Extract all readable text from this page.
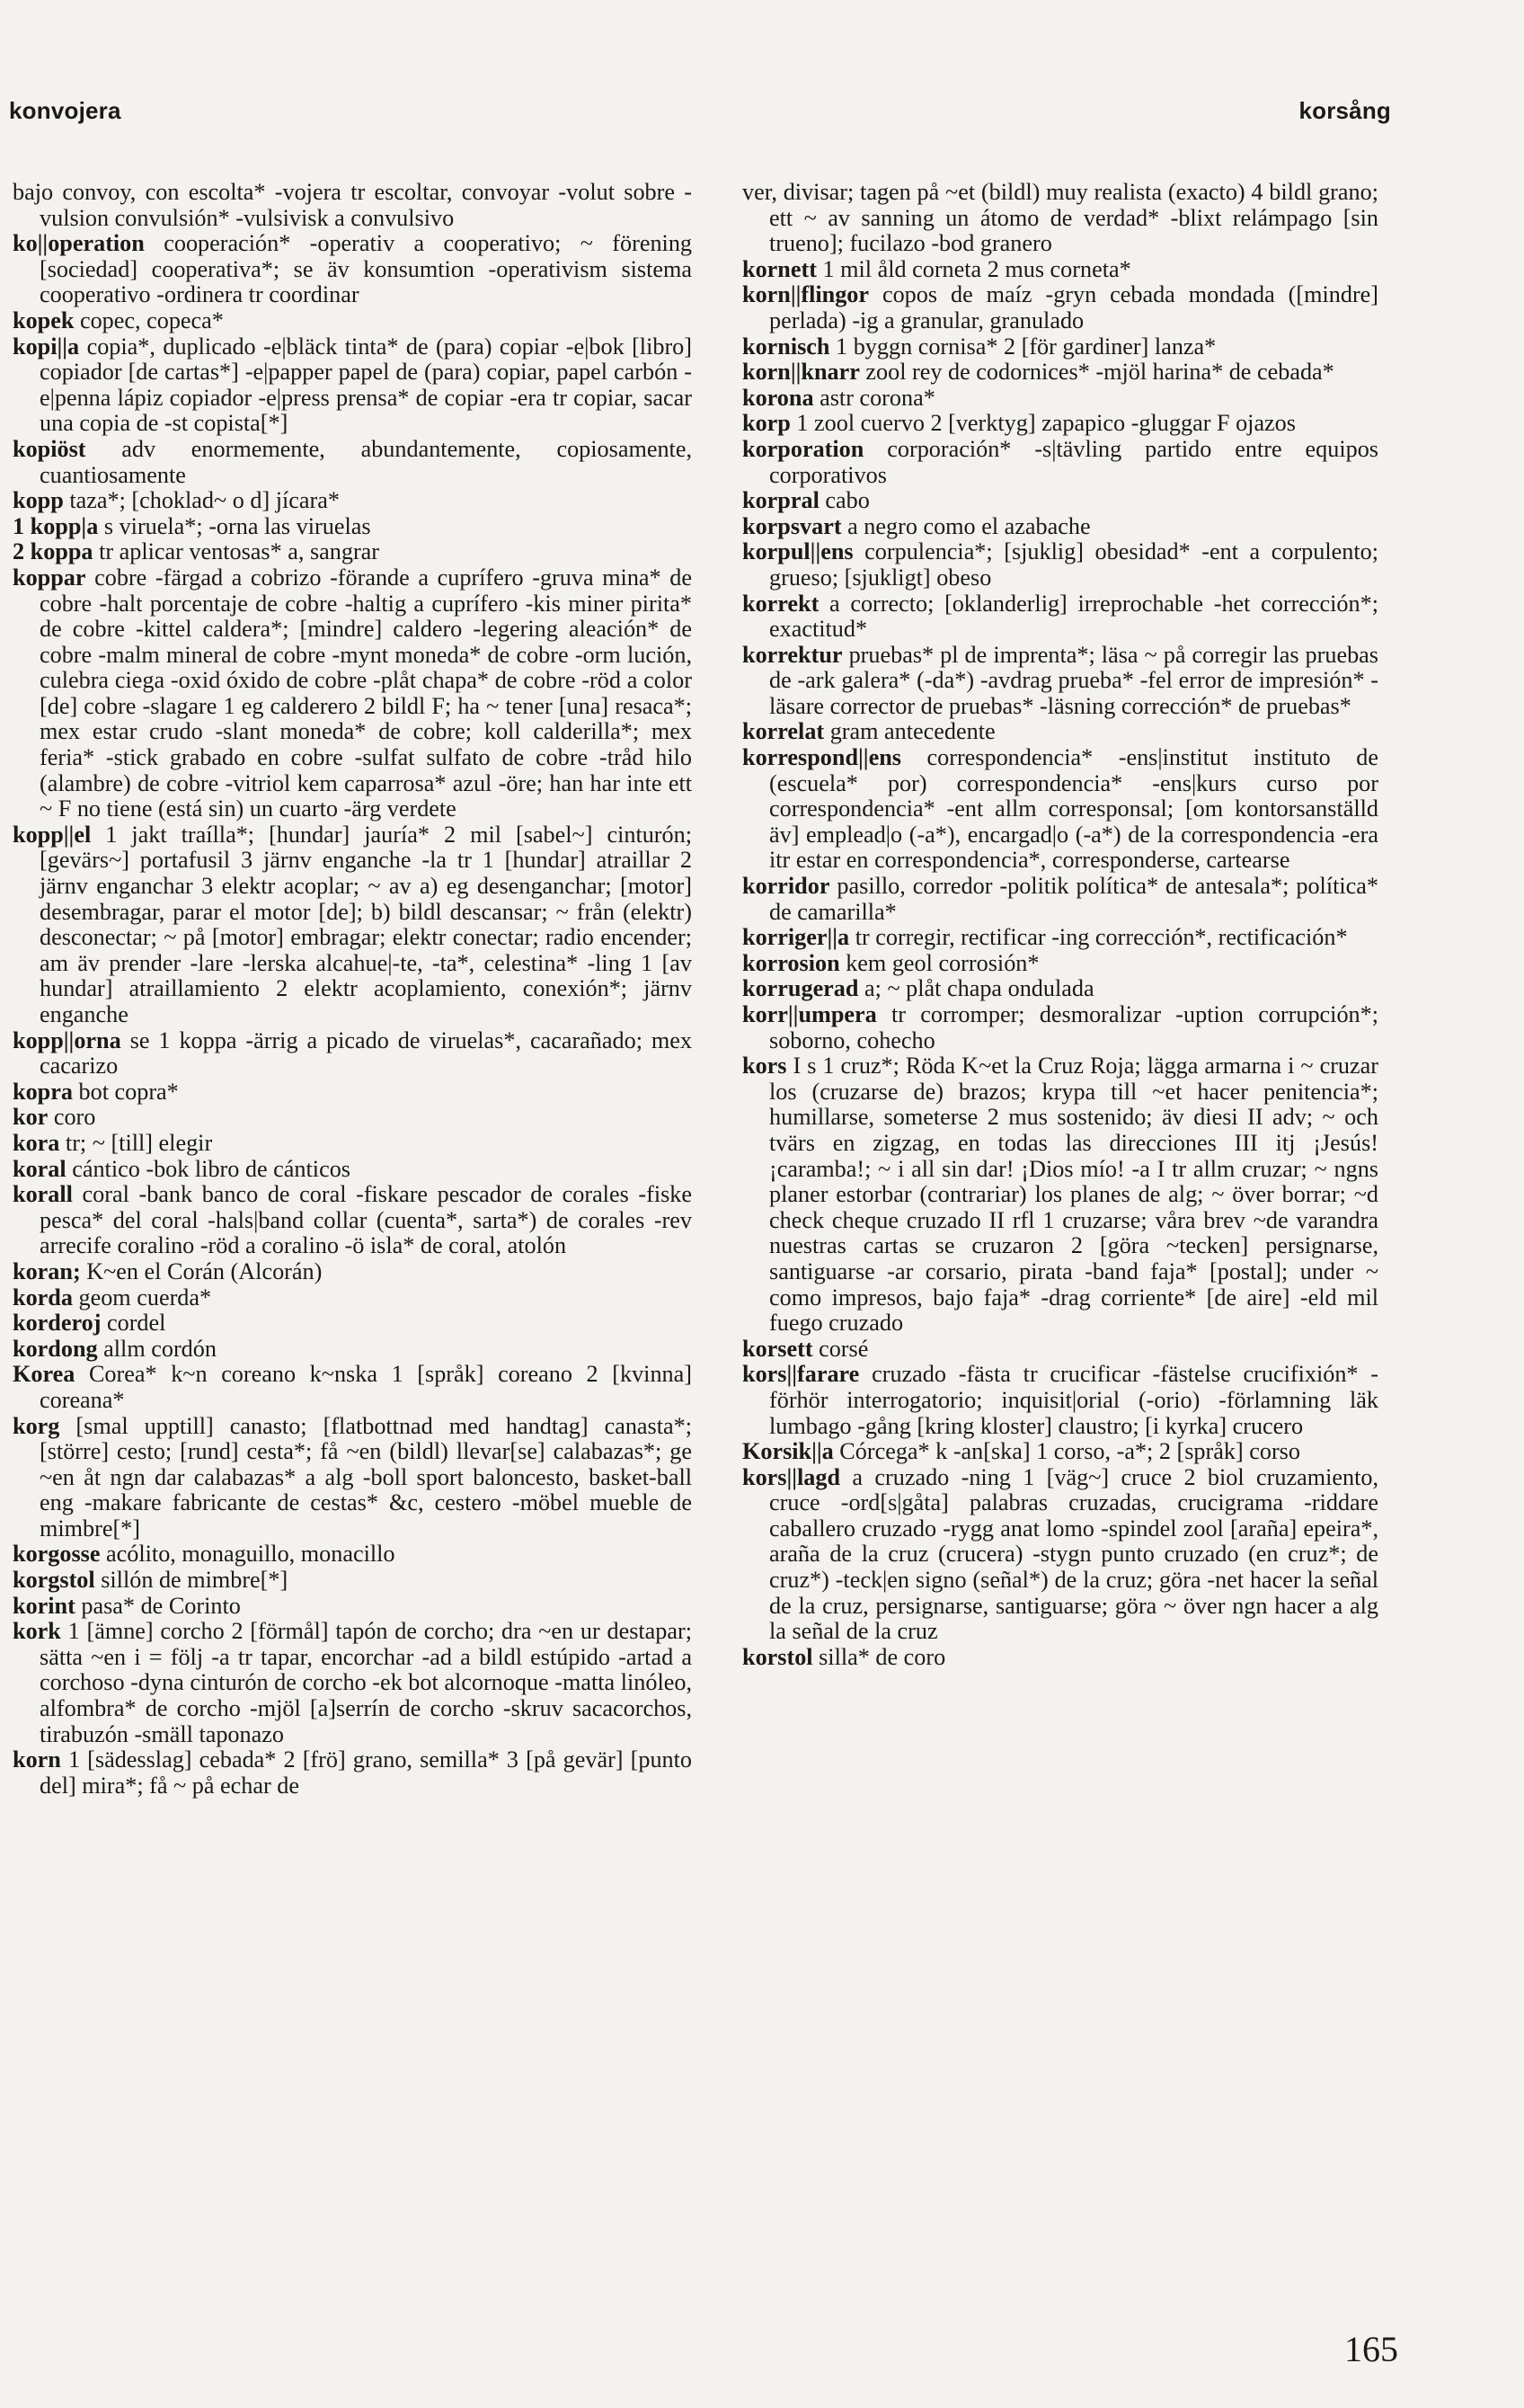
konvojera	korsång

bajo convoy, con escolta* -vojera tr escoltar, convoyar -volut sobre -vulsion convulsión* -vulsivisk a convulsivo

ko||operation cooperación* -operativ a cooperativo; ~ förening [sociedad] cooperativa*; se äv konsumtion -operativism sistema cooperativo -ordinera tr coordinar

kopek copec, copeca*

kopi||a copia*, duplicado -e|bläck tinta* de (para) copiar -e|bok [libro] copiador [de cartas*] -e|papper papel de (para) copiar, papel carbón -e|penna lápiz copiador -e|press prensa* de copiar -era tr copiar, sacar una copia de -st copista[*]

kopiöst adv enormemente, abundantemente, copiosamente, cuantiosamente

kopp taza*; [choklad~ o d] jícara*

1 kopp|a s viruela*; -orna las viruelas

2 koppa tr aplicar ventosas* a, sangrar

koppar cobre -färgad a cobrizo -förande a cuprífero -gruva mina* de cobre -halt porcentaje de cobre -haltig a cuprífero -kis miner pirita* de cobre -kittel caldera*; [mindre] caldero -legering aleación* de cobre -malm mineral de cobre -mynt moneda* de cobre -orm lución, culebra ciega -oxid óxido de cobre -plåt chapa* de cobre -röd a color [de] cobre -slagare 1 eg calderero 2 bildl F; ha ~ tener [una] resaca*; mex estar crudo -slant moneda* de cobre; koll calderilla*; mex feria* -stick grabado en cobre -sulfat sulfato de cobre -tråd hilo (alambre) de cobre -vitriol kem caparrosa* azul -öre; han har inte ett ~ F no tiene (está sin) un cuarto -ärg verdete

kopp||el 1 jakt traílla*; [hundar] jauría* 2 mil [sabel~] cinturón; [gevärs~] portafusil 3 järnv enganche -la tr 1 [hundar] atraillar 2 järnv enganchar 3 elektr acoplar; ~ av a) eg desenganchar; [motor] desembragar, parar el motor [de]; b) bildl descansar; ~ från (elektr) desconectar; ~ på [motor] embragar; elektr conectar; radio encender; am äv prender -lare -lerska alcahue|-te, -ta*, celestina* -ling 1 [av hundar] atraillamiento 2 elektr acoplamiento, conexión*; järnv enganche

kopp||orna se 1 koppa -ärrig a picado de viruelas*, cacarañado; mex cacarizo

kopra bot copra*

kor coro

kora tr; ~ [till] elegir

koral cántico -bok libro de cánticos

korall coral -bank banco de coral -fiskare pescador de corales -fiske pesca* del coral -hals|band collar (cuenta*, sarta*) de corales -rev arrecife coralino -röd a coralino -ö isla* de coral, atolón

koran; K~en el Corán (Alcorán)

korda geom cuerda*

korderoj cordel

kordong allm cordón

Korea Corea* k~n coreano k~nska 1 [språk] coreano 2 [kvinna] coreana*

korg [smal upptill] canasto; [flatbottnad med handtag] canasta*; [större] cesto; [rund] cesta*; få ~en (bildl) llevar[se] calabazas*; ge ~en åt ngn dar calabazas* a alg -boll sport baloncesto, basket-ball eng -makare fabricante de cestas* &c, cestero -möbel mueble de mimbre[*]

korgosse acólito, monaguillo, monacillo

korgstol sillón de mimbre[*]

korint pasa* de Corinto

kork 1 [ämne] corcho 2 [förmål] tapón de corcho; dra ~en ur destapar; sätta ~en i = följ -a tr tapar, encorchar -ad a bildl estúpido -artad a corchoso -dyna cinturón de corcho -ek bot alcornoque -matta linóleo, alfombra* de corcho -mjöl [a]serrín de corcho -skruv sacacorchos, tirabuzón -smäll taponazo

korn 1 [sädesslag] cebada* 2 [frö] grano, semilla* 3 [på gevär] [punto del] mira*; få ~ på echar de

ver, divisar; tagen på ~et (bildl) muy realista (exacto) 4 bildl grano; ett ~ av sanning un átomo de verdad* -blixt relámpago [sin trueno]; fucilazo -bod granero

kornett 1 mil åld corneta 2 mus corneta*

korn||flingor copos de maíz -gryn cebada mondada ([mindre] perlada) -ig a granular, granulado

kornisch 1 byggn cornisa* 2 [för gardiner] lanza*

korn||knarr zool rey de codornices* -mjöl harina* de cebada*

korona astr corona*

korp 1 zool cuervo 2 [verktyg] zapapico -gluggar F ojazos

korporation corporación* -s|tävling partido entre equipos corporativos

korpral cabo

korpsvart a negro como el azabache

korpul||ens corpulencia*; [sjuklig] obesidad* -ent a corpulento; grueso; [sjukligt] obeso

korrekt a correcto; [oklanderlig] irreprochable -het corrección*; exactitud*

korrektur pruebas* pl de imprenta*; läsa ~ på corregir las pruebas de -ark galera* (-da*) -avdrag prueba* -fel error de impresión* -läsare corrector de pruebas* -läsning corrección* de pruebas*

korrelat gram antecedente

korrespond||ens correspondencia* -ens|institut instituto de (escuela* por) correspondencia* -ens|kurs curso por correspondencia* -ent allm corresponsal; [om kontorsanställd äv] emplead|o (-a*), encargad|o (-a*) de la correspondencia -era itr estar en correspondencia*, corresponderse, cartearse

korridor pasillo, corredor -politik política* de antesala*; política* de camarilla*

korriger||a tr corregir, rectificar -ing corrección*, rectificación*

korrosion kem geol corrosión*

korrugerad a; ~ plåt chapa ondulada

korr||umpera tr corromper; desmoralizar -uption corrupción*; soborno, cohecho

kors I s 1 cruz*; Röda K~et la Cruz Roja; lägga armarna i ~ cruzar los (cruzarse de) brazos; krypa till ~et hacer penitencia*; humillarse, someterse 2 mus sostenido; äv diesi II adv; ~ och tvärs en zigzag, en todas las direcciones III itj ¡Jesús! ¡caramba!; ~ i all sin dar! ¡Dios mío! -a I tr allm cruzar; ~ ngns planer estorbar (contrariar) los planes de alg; ~ över borrar; ~d check cheque cruzado II rfl 1 cruzarse; våra brev ~de varandra nuestras cartas se cruzaron 2 [göra ~tecken] persignarse, santiguarse -ar corsario, pirata -band faja* [postal]; under ~ como impresos, bajo faja* -drag corriente* [de aire] -eld mil fuego cruzado

korsett corsé

kors||farare cruzado -fästa tr crucificar -fästelse crucifixión* -förhör interrogatorio; inquisit|orial (-orio) -förlamning läk lumbago -gång [kring kloster] claustro; [i kyrka] crucero

Korsik||a Córcega* k -an[ska] 1 corso, -a*; 2 [språk] corso

kors||lagd a cruzado -ning 1 [väg~] cruce 2 biol cruzamiento, cruce -ord[s|gåta] palabras cruzadas, crucigrama -riddare caballero cruzado -rygg anat lomo -spindel zool [araña] epeira*, araña de la cruz (crucera) -stygn punto cruzado (en cruz*; de cruz*) -teck|en signo (señal*) de la cruz; göra -net hacer la señal de la cruz, persignarse, santiguarse; göra ~ över ngn hacer a alg la señal de la cruz

korstol silla* de coro

165
